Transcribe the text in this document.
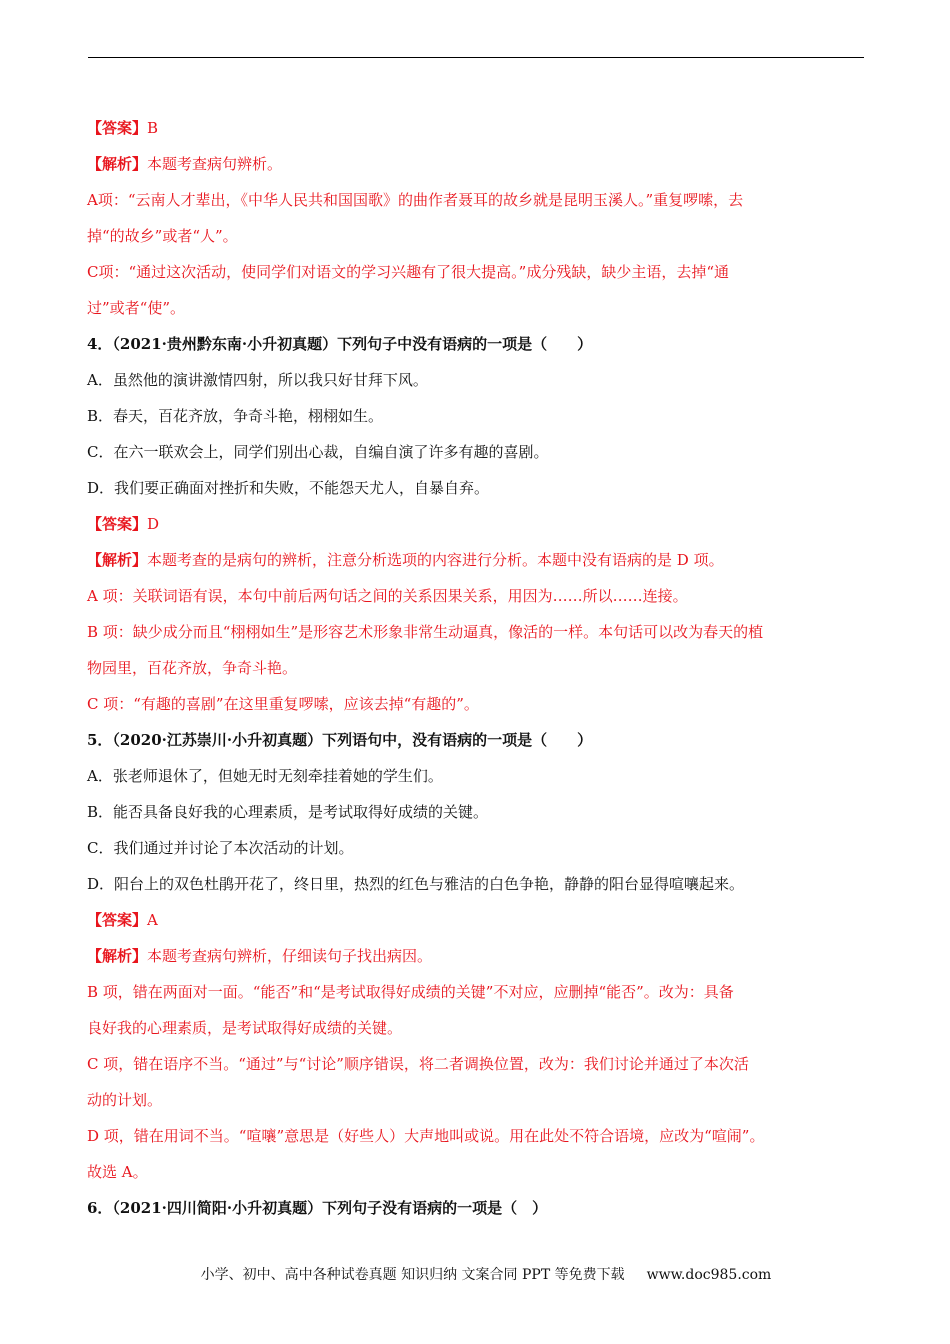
【答案】B
【解析】本题考查病句辨析。
A项：“云南人才辈出，《中华人民共和国国歌》的曲作者聂耳的故乡就是昆明玉溪人。”重复啰嗦，去
掉“的故乡”或者“人”。
C项：“通过这次活动，使同学们对语文的学习兴趣有了很大提高。”成分残缺，缺少主语，去掉“通
过”或者“使”。
4．（2021·贵州黔东南·小升初真题）下列句子中没有语病的一项是（　　）
A．虽然他的演讲激情四射，所以我只好甘拜下风。
B．春天，百花齐放，争奇斗艳，栩栩如生。
C．在六一联欢会上，同学们别出心裁，自编自演了许多有趣的喜剧。
D．我们要正确面对挫折和失败，不能怨天尤人，自暴自弃。
【答案】D
【解析】本题考查的是病句的辨析，注意分析选项的内容进行分析。本题中没有语病的是 D 项。
A 项：关联词语有误，本句中前后两句话之间的关系因果关系，用因为……所以……连接。
B 项：缺少成分而且“栩栩如生”是形容艺术形象非常生动逼真，像活的一样。本句话可以改为春天的植
物园里，百花齐放，争奇斗艳。
C 项：“有趣的喜剧”在这里重复啰嗦，应该去掉“有趣的”。
5．（2020·江苏崇川·小升初真题）下列语句中，没有语病的一项是（　　）
A．张老师退休了，但她无时无刻牵挂着她的学生们。
B．能否具备良好我的心理素质，是考试取得好成绩的关键。
C．我们通过并讨论了本次活动的计划。
D．阳台上的双色杜鹃开花了，终日里，热烈的红色与雅洁的白色争艳，静静的阳台显得喧嚷起来。
【答案】A
【解析】本题考查病句辨析，仔细读句子找出病因。
B 项，错在两面对一面。“能否”和“是考试取得好成绩的关键”不对应，应删掉“能否”。改为：具备
良好我的心理素质，是考试取得好成绩的关键。
C 项，错在语序不当。“通过”与“讨论”顺序错误，将二者调换位置，改为：我们讨论并通过了本次活
动的计划。
D 项，错在用词不当。“喧嚷”意思是（好些人）大声地叫或说。用在此处不符合语境，应改为“喧闹”。
故选 A。
6．（2021·四川简阳·小升初真题）下列句子没有语病的一项是（　）
小学、初中、高中各种试卷真题 知识归纳 文案合同 PPT 等免费下载 www.doc985.com
